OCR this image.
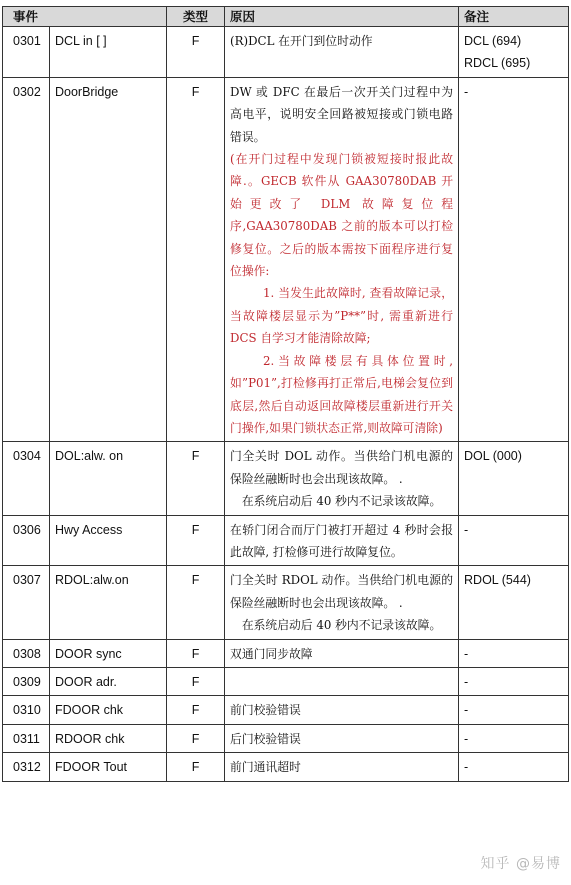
事件		类型	原因	备注
0301	DCL in [ ]	F	(R)DCL 在开门到位时动作	DCL (694)
RDCL (695)

0302	DoorBridge	F	DW 或 DFC 在最后一次开关门过程中为高电平，说明安全回路被短接或门锁电路错误。

(在开门过程中发现门锁被短接时报此故障.。GECB 软件从 GAA30780DAB 开始更改了 DLM 故障复位程序,GAA30780DAB 之前的版本可以打检修复位。之后的版本需按下面程序进行复位操作:

1. 当发生此故障时, 查看故障记录，当故障楼层显示为”P**”时, 需重新进行 DCS 自学习才能清除故障;

2.当故障楼层有具体位置时,如”P01”,打检修再打正常后,电梯会复位到底层,然后自动返回故障楼层重新进行开关门操作,如果门锁状态正常,则故障可清除)	-

0304	DOL:alw. on	F	门全关时 DOL 动作。当供给门机电源的保险丝融断时也会出现该故障。 .

在系统启动后 40 秒内不记录该故障。	DOL (000)

0306	Hwy Access	F	在轿门闭合而厅门被打开超过 4 秒时会报此故障, 打检修可进行故障复位。	-

0307	RDOL:alw.on	F	门全关时 RDOL 动作。当供给门机电源的保险丝融断时也会出现该故障。 .

在系统启动后 40 秒内不记录该故障。	RDOL (544)

0308	DOOR sync	F	双通门同步故障	-

0309	DOOR adr.	F		-

0310	FDOOR chk	F	前门校验错误	-

0311	RDOOR chk	F	后门校验错误	-

0312	FDOOR Tout	F	前门通讯超时	-
知乎 @易博
